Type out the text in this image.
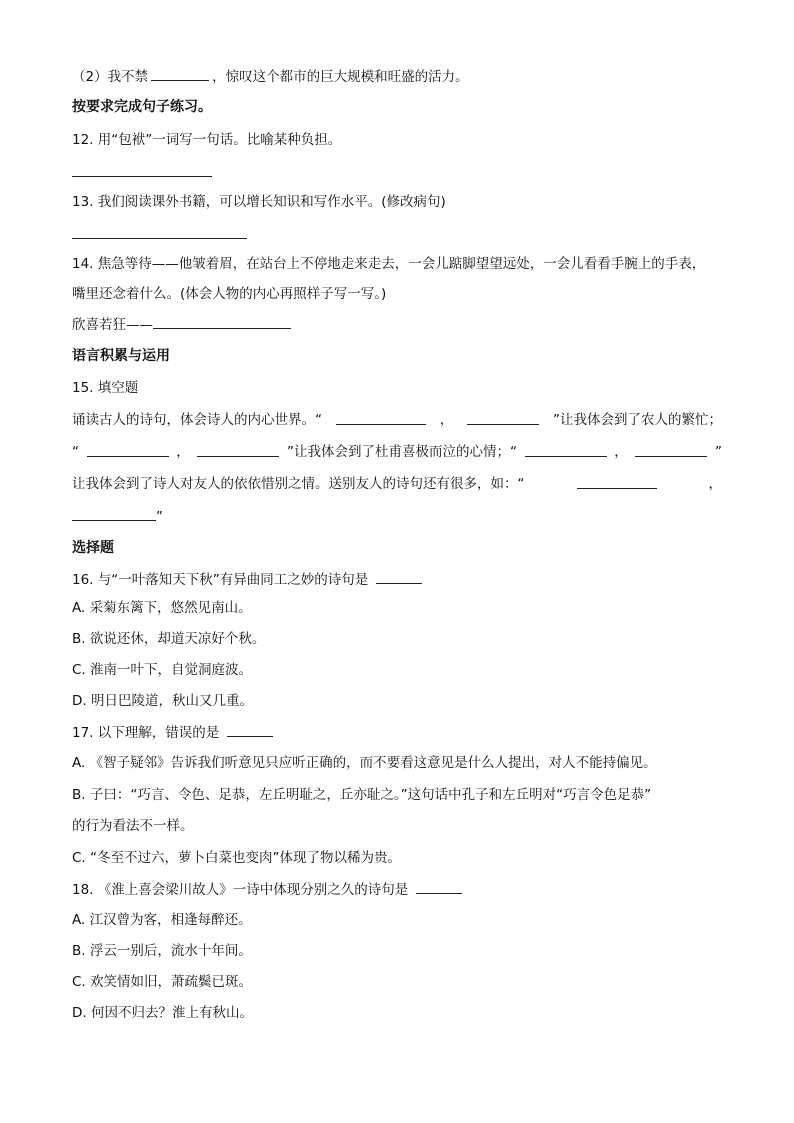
（2）我不禁	，惊叹这个都市的巨大规模和旺盛的活力。
按要求完成句子练习。
12. 用“包袱”一词写一句话。比喻某种负担。
13. 我们阅读课外书籍，可以增长知识和写作水平。(修改病句)
14. 焦急等待——他皱着眉，在站台上不停地走来走去，一会儿踮脚望望远处，一会儿看看手腕上的手表，
嘴里还念着什么。(体会人物的内心再照样子写一写。)
欣喜若狂——
语言积累与运用
15. 填空题
诵读古人的诗句，体会诗人的内心世界。“	，	”让我体会到了农人的繁忙；
“	，	”让我体会到了杜甫喜极而泣的心情；“	，	”
让我体会到了诗人对友人的依依惜别之情。送别友人的诗句还有很多，如：“	，
”
选择题
16. 与“一叶落知天下秋”有异曲同工之妙的诗句是
A. 采菊东篱下，悠然见南山。
B. 欲说还休，却道天凉好个秋。
C. 淮南一叶下，自觉洞庭波。
D. 明日巴陵道，秋山又几重。
17. 以下理解，错误的是
A. 《智子疑邻》告诉我们听意见只应听正确的，而不要看这意见是什么人提出，对人不能持偏见。
B. 子曰：“巧言、令色、足恭，左丘明耻之，丘亦耻之。”这句话中孔子和左丘明对“巧言令色足恭”
的行为看法不一样。
C. “冬至不过六，萝卜白菜也变肉”体现了物以稀为贵。
18. 《淮上喜会梁川故人》一诗中体现分别之久的诗句是
A. 江汉曾为客，相逢每醉还。
B. 浮云一别后，流水十年间。
C. 欢笑情如旧，萧疏鬓已斑。
D. 何因不归去？淮上有秋山。
